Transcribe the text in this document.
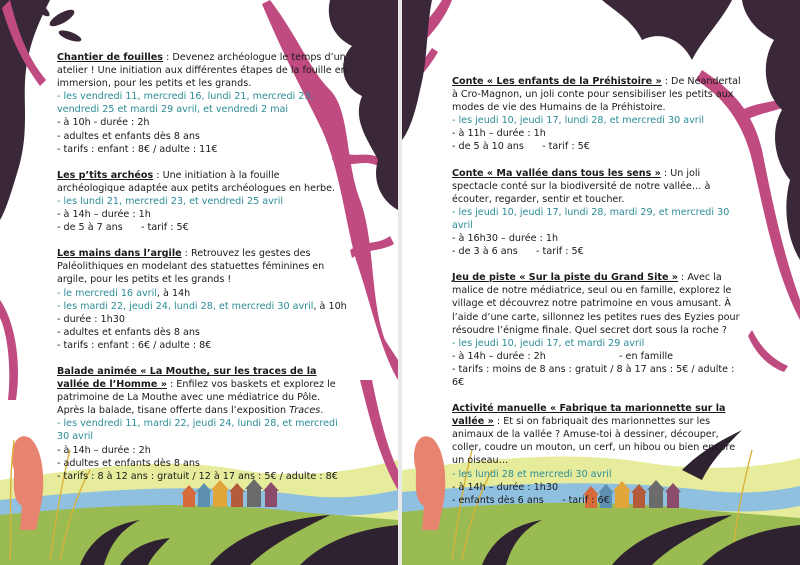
Chantier de fouilles : Devenez archéologue le temps d’un atelier ! Une initiation aux différentes étapes de la fouille en immersion, pour les petits et les grands.

- les vendredi 11, mercredi 16, lundi 21, mercredi 23, vendredi 25 et mardi 29 avril, et vendredi 2 mai

- à 10h - durée : 2h

- adultes et enfants dès 8 ans

- tarifs : enfant : 8€ / adulte : 11€

Les p’tits archéos : Une initiation à la fouille archéologique adaptée aux petits archéologues en herbe.

- les lundi 21, mercredi 23, et vendredi 25 avril

- à 14h – durée : 1h

- de 5 à 7 ans      - tarif : 5€

Les mains dans l’argile : Retrouvez les gestes des Paléolithiques en modelant des statuettes féminines en argile, pour les petits et les grands !

- le mercredi 16 avril, à 14h

- les mardi 22, jeudi 24, lundi 28, et mercredi 30 avril, à 10h

- durée : 1h30

- adultes et enfants dès 8 ans

- tarifs : enfant : 6€ / adulte : 8€

Balade animée « La Mouthe, sur les traces de la vallée de l’Homme » : Enfilez vos baskets et explorez le patrimoine de La Mouthe avec une médiatrice du Pôle. Après la balade, tisane offerte dans l’exposition Traces.

- les vendredi 11, mardi 22, jeudi 24, lundi 28, et mercredi 30 avril

- à 14h – durée : 2h

- adultes et enfants dès 8 ans

- tarifs : 8 à 12 ans : gratuit / 12 à 17 ans : 5€ / adulte : 8€

Conte « Les enfants de la Préhistoire » : De Néandertal à Cro-Magnon, un joli conte pour sensibiliser les petits aux modes de vie des Humains de la Préhistoire.

- les jeudi 10, jeudi 17, lundi 28, et mercredi 30 avril

- à 11h – durée : 1h

- de 5 à 10 ans      - tarif : 5€

Conte « Ma vallée dans tous les sens » : Un joli spectacle conté sur la biodiversité de notre vallée… à écouter, regarder, sentir et toucher.

- les jeudi 10, jeudi 17, lundi 28, mardi 29, et mercredi 30 avril

- à 16h30 – durée : 1h

- de 3 à 6 ans      - tarif : 5€

Jeu de piste « Sur la piste du Grand Site » : Avec la malice de notre médiatrice, seul ou en famille, explorez le village et découvrez notre patrimoine en vous amusant. À l’aide d’une carte, sillonnez les petites rues des Eyzies pour résoudre l’énigme finale. Quel secret dort sous la roche ?

- les jeudi 10, jeudi 17, et mardi 29 avril

- à 14h – durée : 2h                        - en famille

- tarifs : moins de 8 ans : gratuit / 8 à 17 ans : 5€ / adulte : 6€

Activité manuelle « Fabrique ta marionnette sur la vallée » : Et si on fabriquait des marionnettes sur les animaux de la vallée ? Amuse-toi à dessiner, découper, coller, coudre un mouton, un cerf, un hibou ou bien encore un oiseau…

- les lundi 28 et mercredi 30 avril

- à 14h – durée : 1h30

- enfants dès 6 ans      - tarif : 6€
